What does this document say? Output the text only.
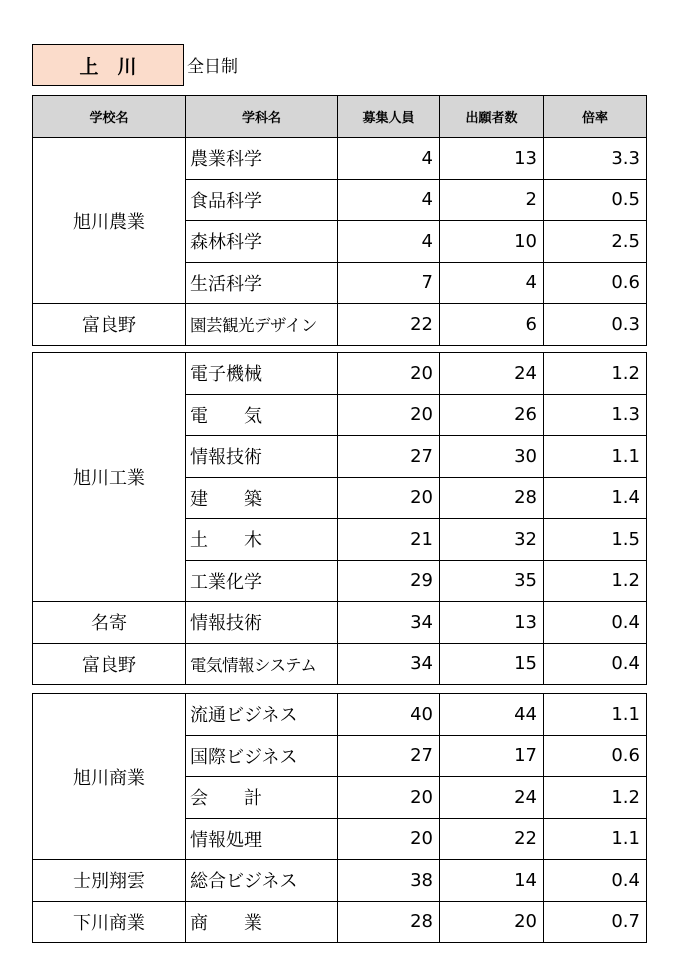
上　川	全日制
学校名	学科名	募集人員	出願者数	倍率
旭川農業	農業科学	4	13	3.3
	食品科学	4	2	0.5
	森林科学	4	10	2.5
	生活科学	7	4	0.6
富良野	園芸観光デザイン	22	6	0.3
旭川工業	電子機械	20	24	1.2
	電　　気	20	26	1.3
	情報技術	27	30	1.1
	建　　築	20	28	1.4
	土　　木	21	32	1.5
	工業化学	29	35	1.2
名寄	情報技術	34	13	0.4
富良野	電気情報システム	34	15	0.4
旭川商業	流通ビジネス	40	44	1.1
	国際ビジネス	27	17	0.6
	会　　計	20	24	1.2
	情報処理	20	22	1.1
士別翔雲	総合ビジネス	38	14	0.4
下川商業	商　　業	28	20	0.7
